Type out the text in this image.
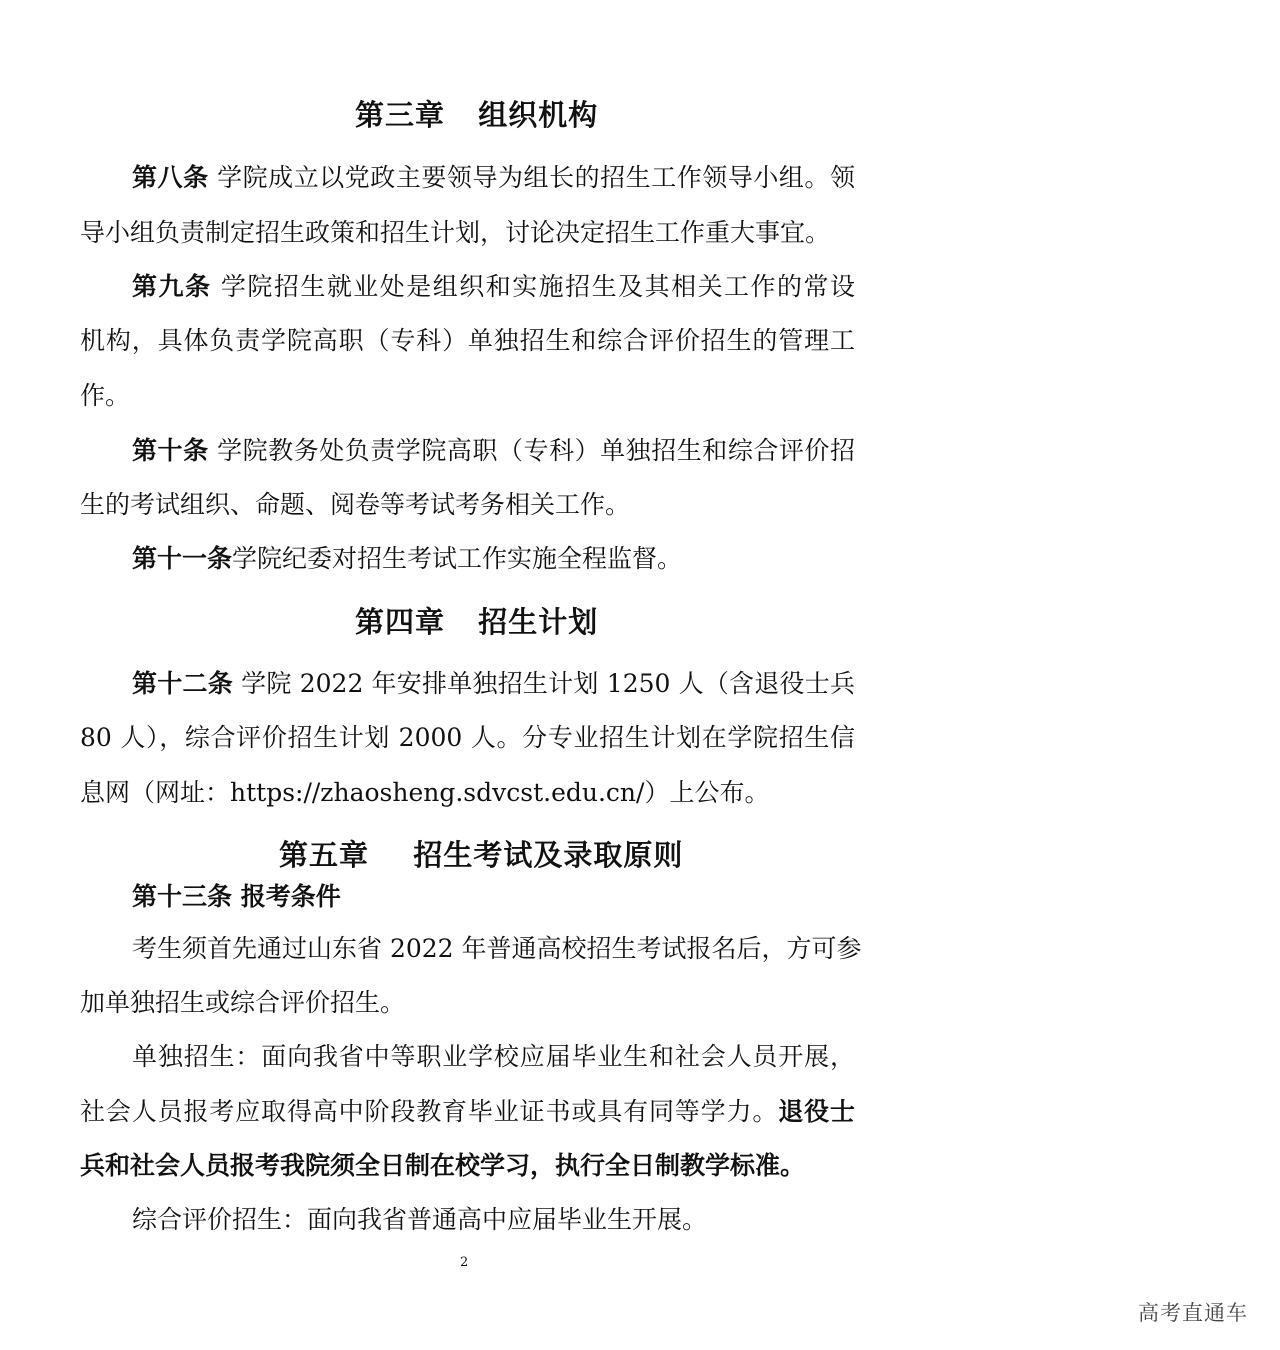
第三章   组织机构
第八条 学院成立以党政主要领导为组长的招生工作领导小组。领
导小组负责制定招生政策和招生计划，讨论决定招生工作重大事宜。
第九条 学院招生就业处是组织和实施招生及其相关工作的常设
机构，具体负责学院高职（专科）单独招生和综合评价招生的管理工
作。
第十条 学院教务处负责学院高职（专科）单独招生和综合评价招
生的考试组织、命题、阅卷等考试考务相关工作。
第十一条学院纪委对招生考试工作实施全程监督。
第四章   招生计划
第十二条 学院 2022 年安排单独招生计划 1250 人（含退役士兵
80 人），综合评价招生计划 2000 人。分专业招生计划在学院招生信
息网（网址：https://zhaosheng.sdvcst.edu.cn/）上公布。
第五章    招生考试及录取原则
第十三条 报考条件
考生须首先通过山东省 2022 年普通高校招生考试报名后，方可参
加单独招生或综合评价招生。
单独招生：面向我省中等职业学校应届毕业生和社会人员开展，
社会人员报考应取得高中阶段教育毕业证书或具有同等学力。退役士
兵和社会人员报考我院须全日制在校学习，执行全日制教学标准。
综合评价招生：面向我省普通高中应届毕业生开展。
2
高考直通车
